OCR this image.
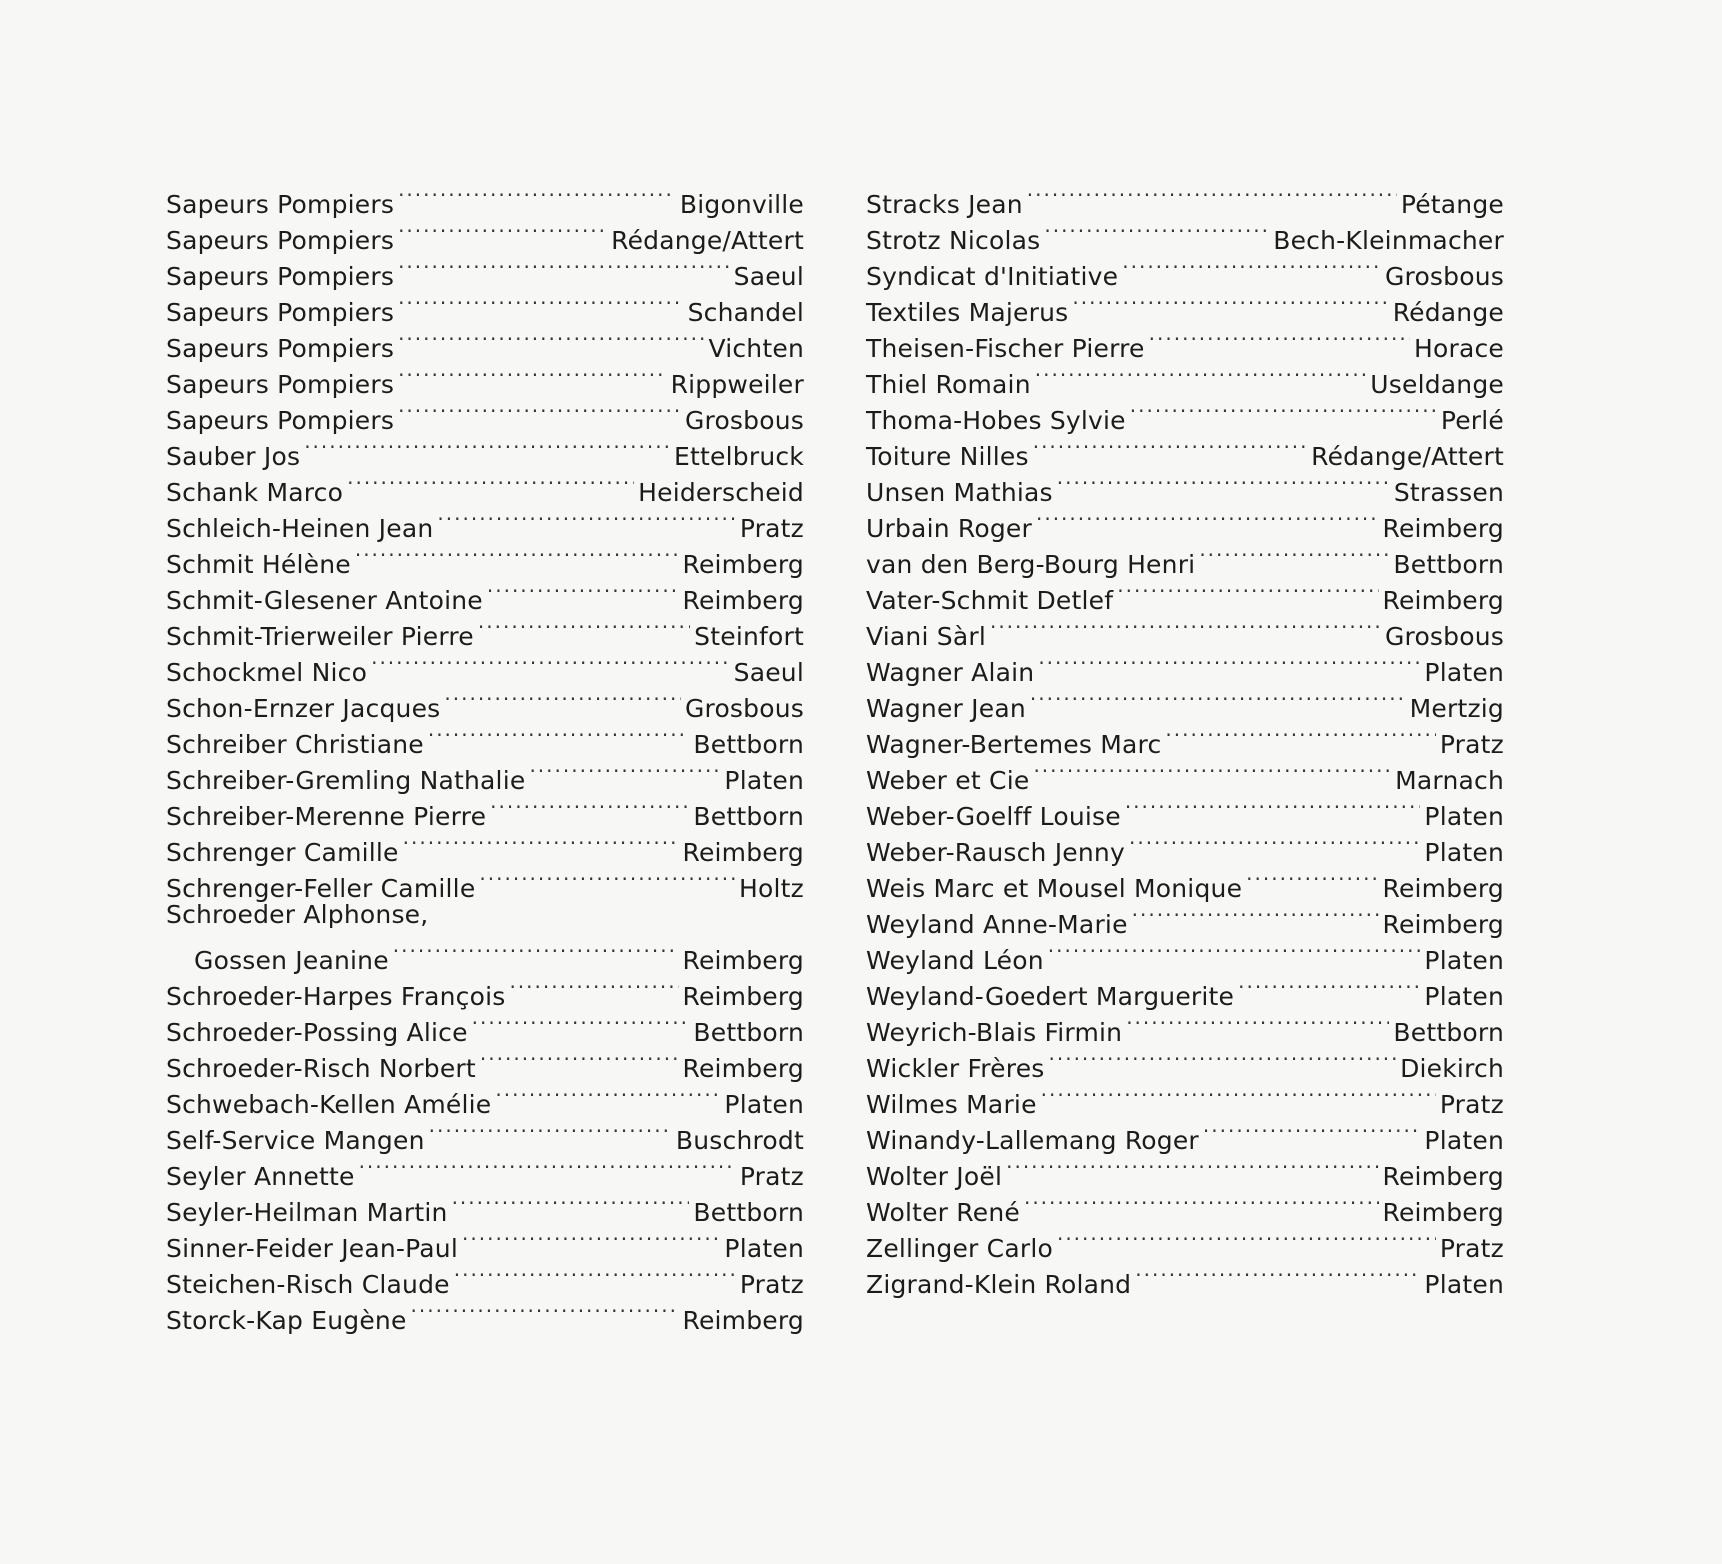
Sapeurs Pompiers .....	Bigonville
Sapeurs Pompiers .....	Rédange/Attert
Sapeurs Pompiers .....	Saeul
Sapeurs Pompiers .....	Schandel
Sapeurs Pompiers .....	Vichten
Sapeurs Pompiers .....	Rippweiler
Sapeurs Pompiers .....	Grosbous
Sauber Jos .....	Ettelbruck
Schank Marco .....	Heiderscheid
Schleich-Heinen Jean .....	Pratz
Schmit Hélène .....	Reimberg
Schmit-Glesener Antoine .....	Reimberg
Schmit-Trierweiler Pierre .....	Steinfort
Schockmel Nico .....	Saeul
Schon-Ernzer Jacques .....	Grosbous
Schreiber Christiane .....	Bettborn
Schreiber-Gremling Nathalie .....	Platen
Schreiber-Merenne Pierre .....	Bettborn
Schrenger Camille .....	Reimberg
Schrenger-Feller Camille .....	Holtz
Schroeder Alphonse,
Gossen Jeanine .....	Reimberg
Schroeder-Harpes François .....	Reimberg
Schroeder-Possing Alice .....	Bettborn
Schroeder-Risch Norbert .....	Reimberg
Schwebach-Kellen Amélie .....	Platen
Self-Service Mangen .....	Buschrodt
Seyler Annette .....	Pratz
Seyler-Heilman Martin .....	Bettborn
Sinner-Feider Jean-Paul .....	Platen
Steichen-Risch Claude .....	Pratz
Storck-Kap Eugène .....	Reimberg
Stracks Jean .....	Pétange
Strotz Nicolas .....	Bech-Kleinmacher
Syndicat d'Initiative .....	Grosbous
Textiles Majerus .....	Rédange
Theisen-Fischer Pierre .....	Horace
Thiel Romain .....	Useldange
Thoma-Hobes Sylvie .....	Perlé
Toiture Nilles .....	Rédange/Attert
Unsen Mathias .....	Strassen
Urbain Roger .....	Reimberg
van den Berg-Bourg Henri .....	Bettborn
Vater-Schmit Detlef .....	Reimberg
Viani Sàrl .....	Grosbous
Wagner Alain .....	Platen
Wagner Jean .....	Mertzig
Wagner-Bertemes Marc .....	Pratz
Weber et Cie .....	Marnach
Weber-Goelff Louise .....	Platen
Weber-Rausch Jenny .....	Platen
Weis Marc et Mousel Monique .....	Reimberg
Weyland Anne-Marie .....	Reimberg
Weyland Léon .....	Platen
Weyland-Goedert Marguerite .....	Platen
Weyrich-Blais Firmin .....	Bettborn
Wickler Frères .....	Diekirch
Wilmes Marie .....	Pratz
Winandy-Lallemang Roger .....	Platen
Wolter Joël .....	Reimberg
Wolter René .....	Reimberg
Zellinger Carlo .....	Pratz
Zigrand-Klein Roland .....	Platen
